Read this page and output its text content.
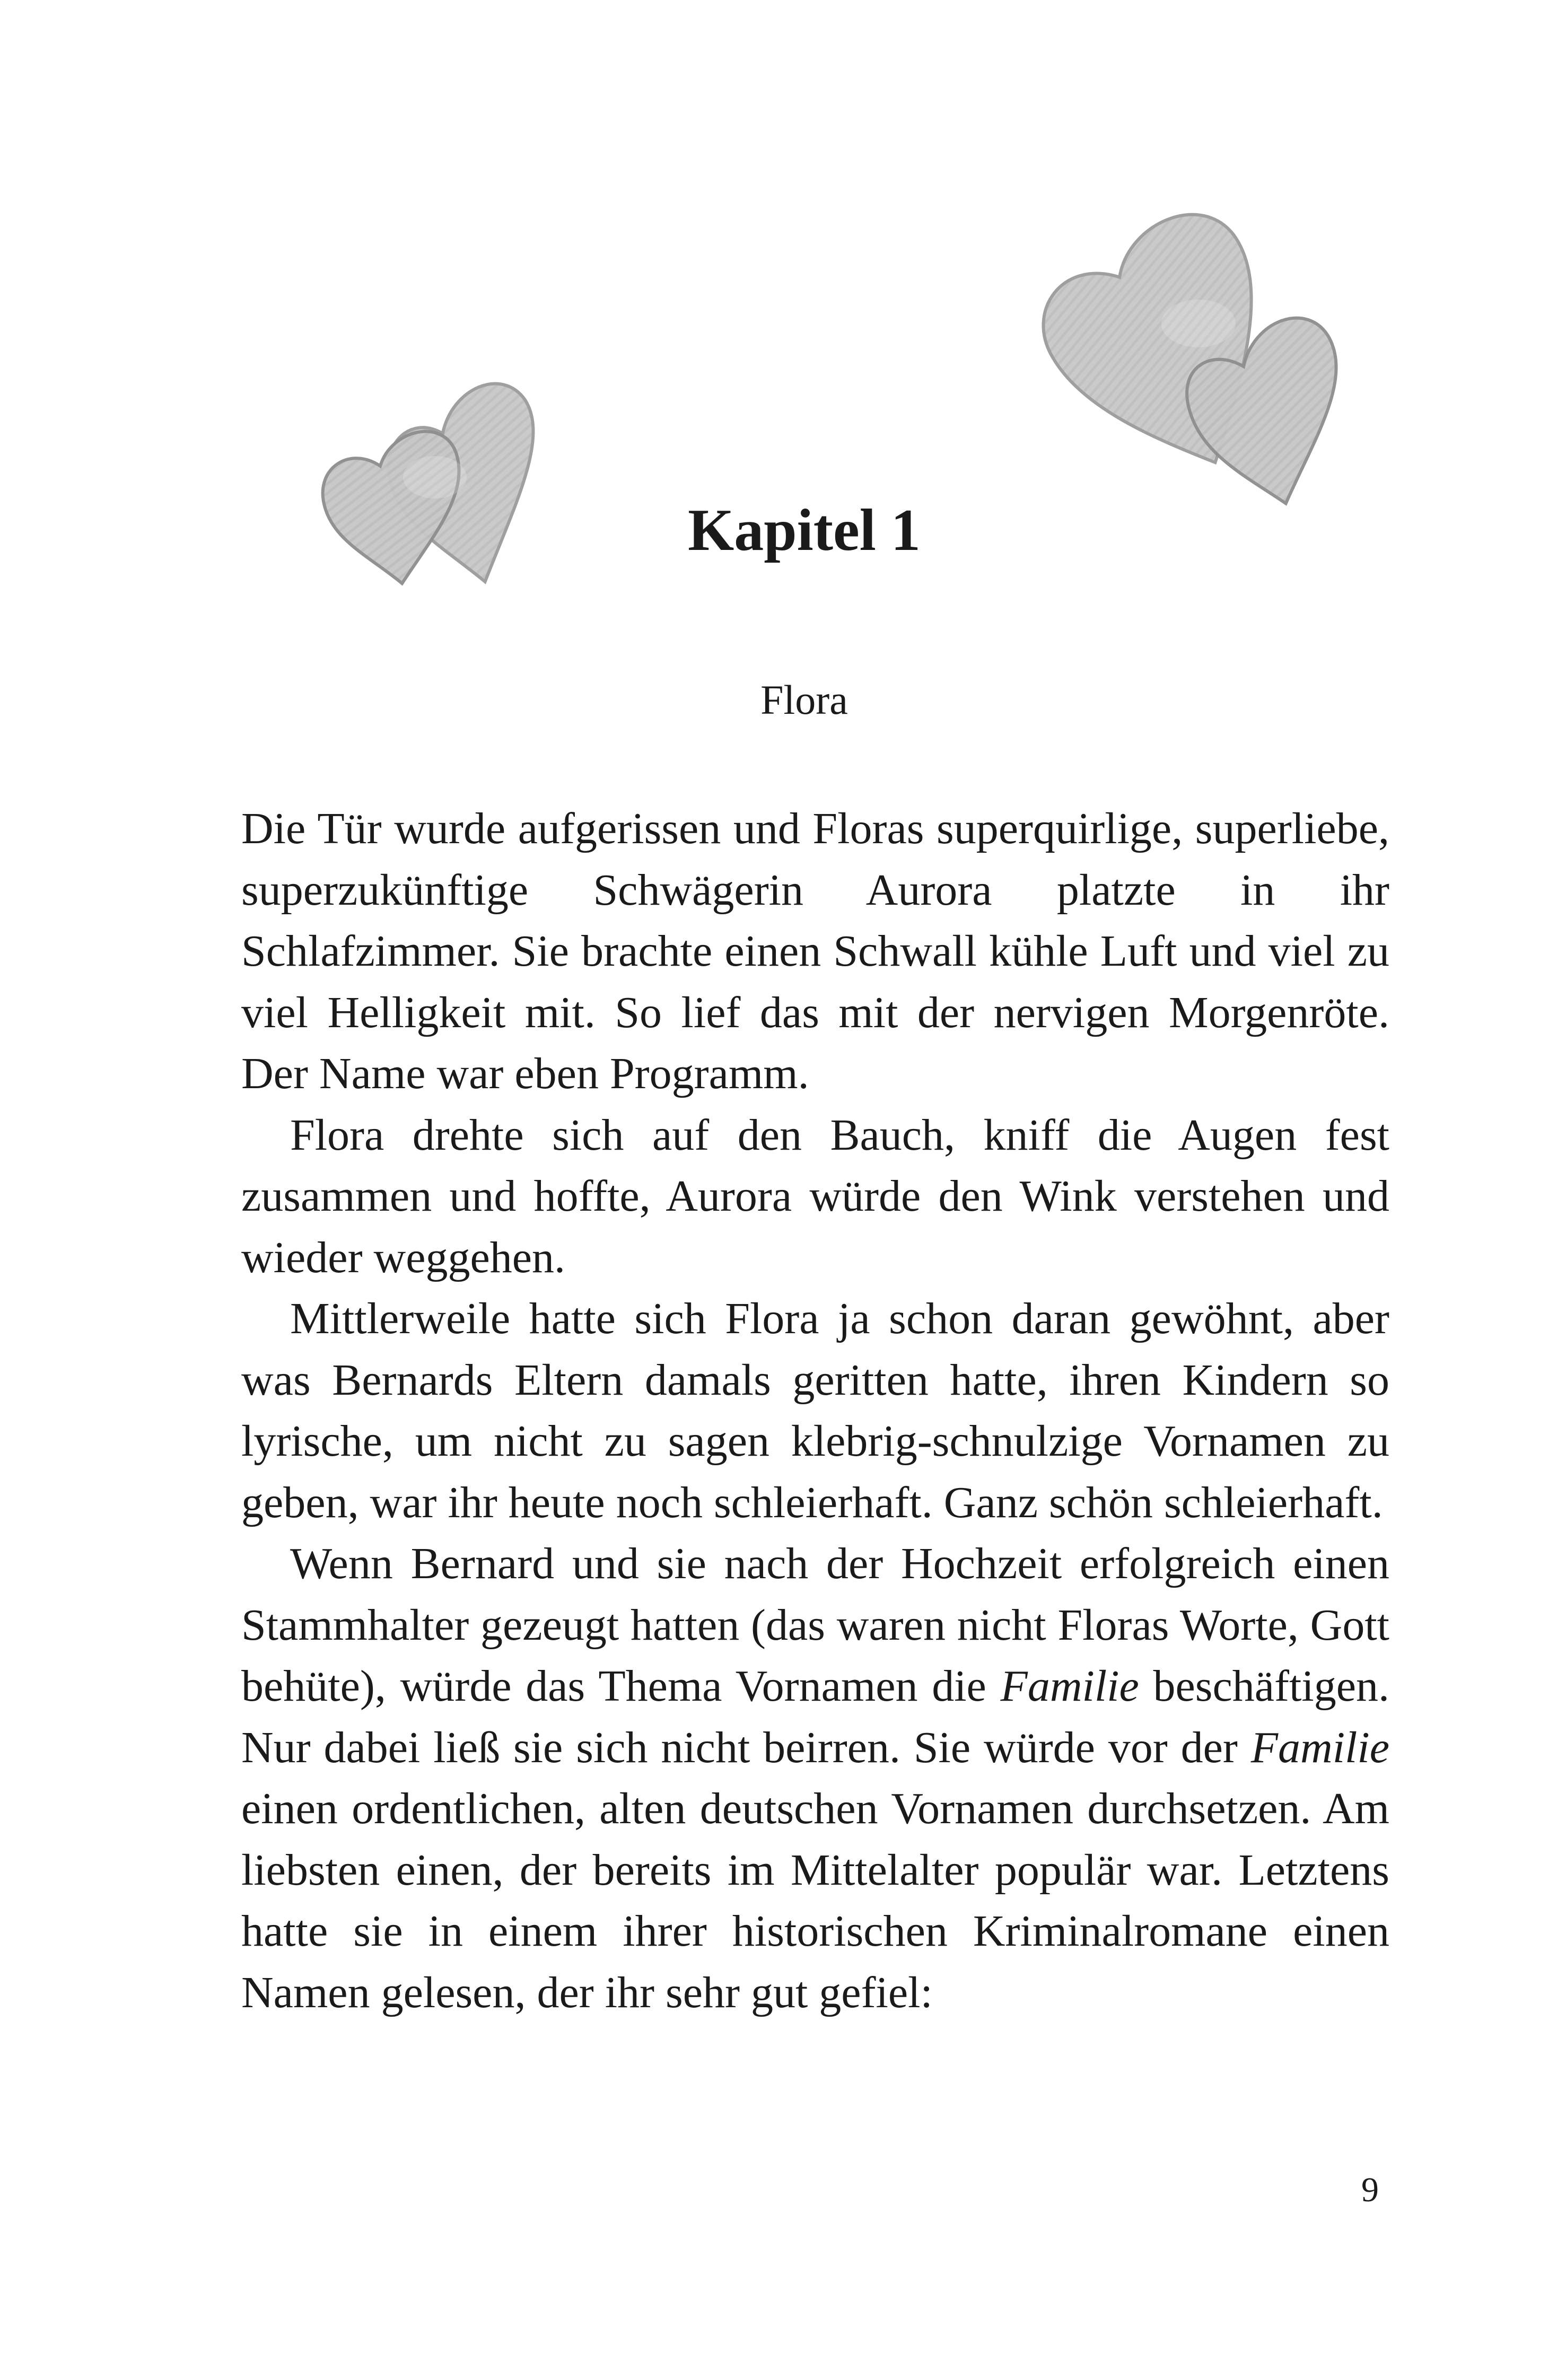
Kapitel 1
Flora

Die Tür wurde aufgerissen und Floras superquirlige, superliebe, superzukünftige Schwägerin Aurora platzte in ihr Schlafzimmer. Sie brachte einen Schwall kühle Luft und viel zu viel Helligkeit mit. So lief das mit der nervigen Morgenröte. Der Name war eben Programm.

Flora drehte sich auf den Bauch, kniff die Augen fest zusammen und hoffte, Aurora würde den Wink verstehen und wieder weggehen.

Mittlerweile hatte sich Flora ja schon daran gewöhnt, aber was Bernards Eltern damals geritten hatte, ihren Kindern so lyrische, um nicht zu sagen klebrig-schnulzige Vornamen zu geben, war ihr heute noch schleierhaft. Ganz schön schleierhaft.

Wenn Bernard und sie nach der Hochzeit erfolgreich einen Stammhalter gezeugt hatten (das waren nicht Floras Worte, Gott behüte), würde das Thema Vornamen die Familie beschäftigen. Nur dabei ließ sie sich nicht beirren. Sie würde vor der Familie einen ordentlichen, alten deutschen Vornamen durchsetzen. Am liebsten einen, der bereits im Mittelalter populär war. Letztens hatte sie in einem ihrer historischen Kriminalromane einen Namen gelesen, der ihr sehr gut gefiel:

9
